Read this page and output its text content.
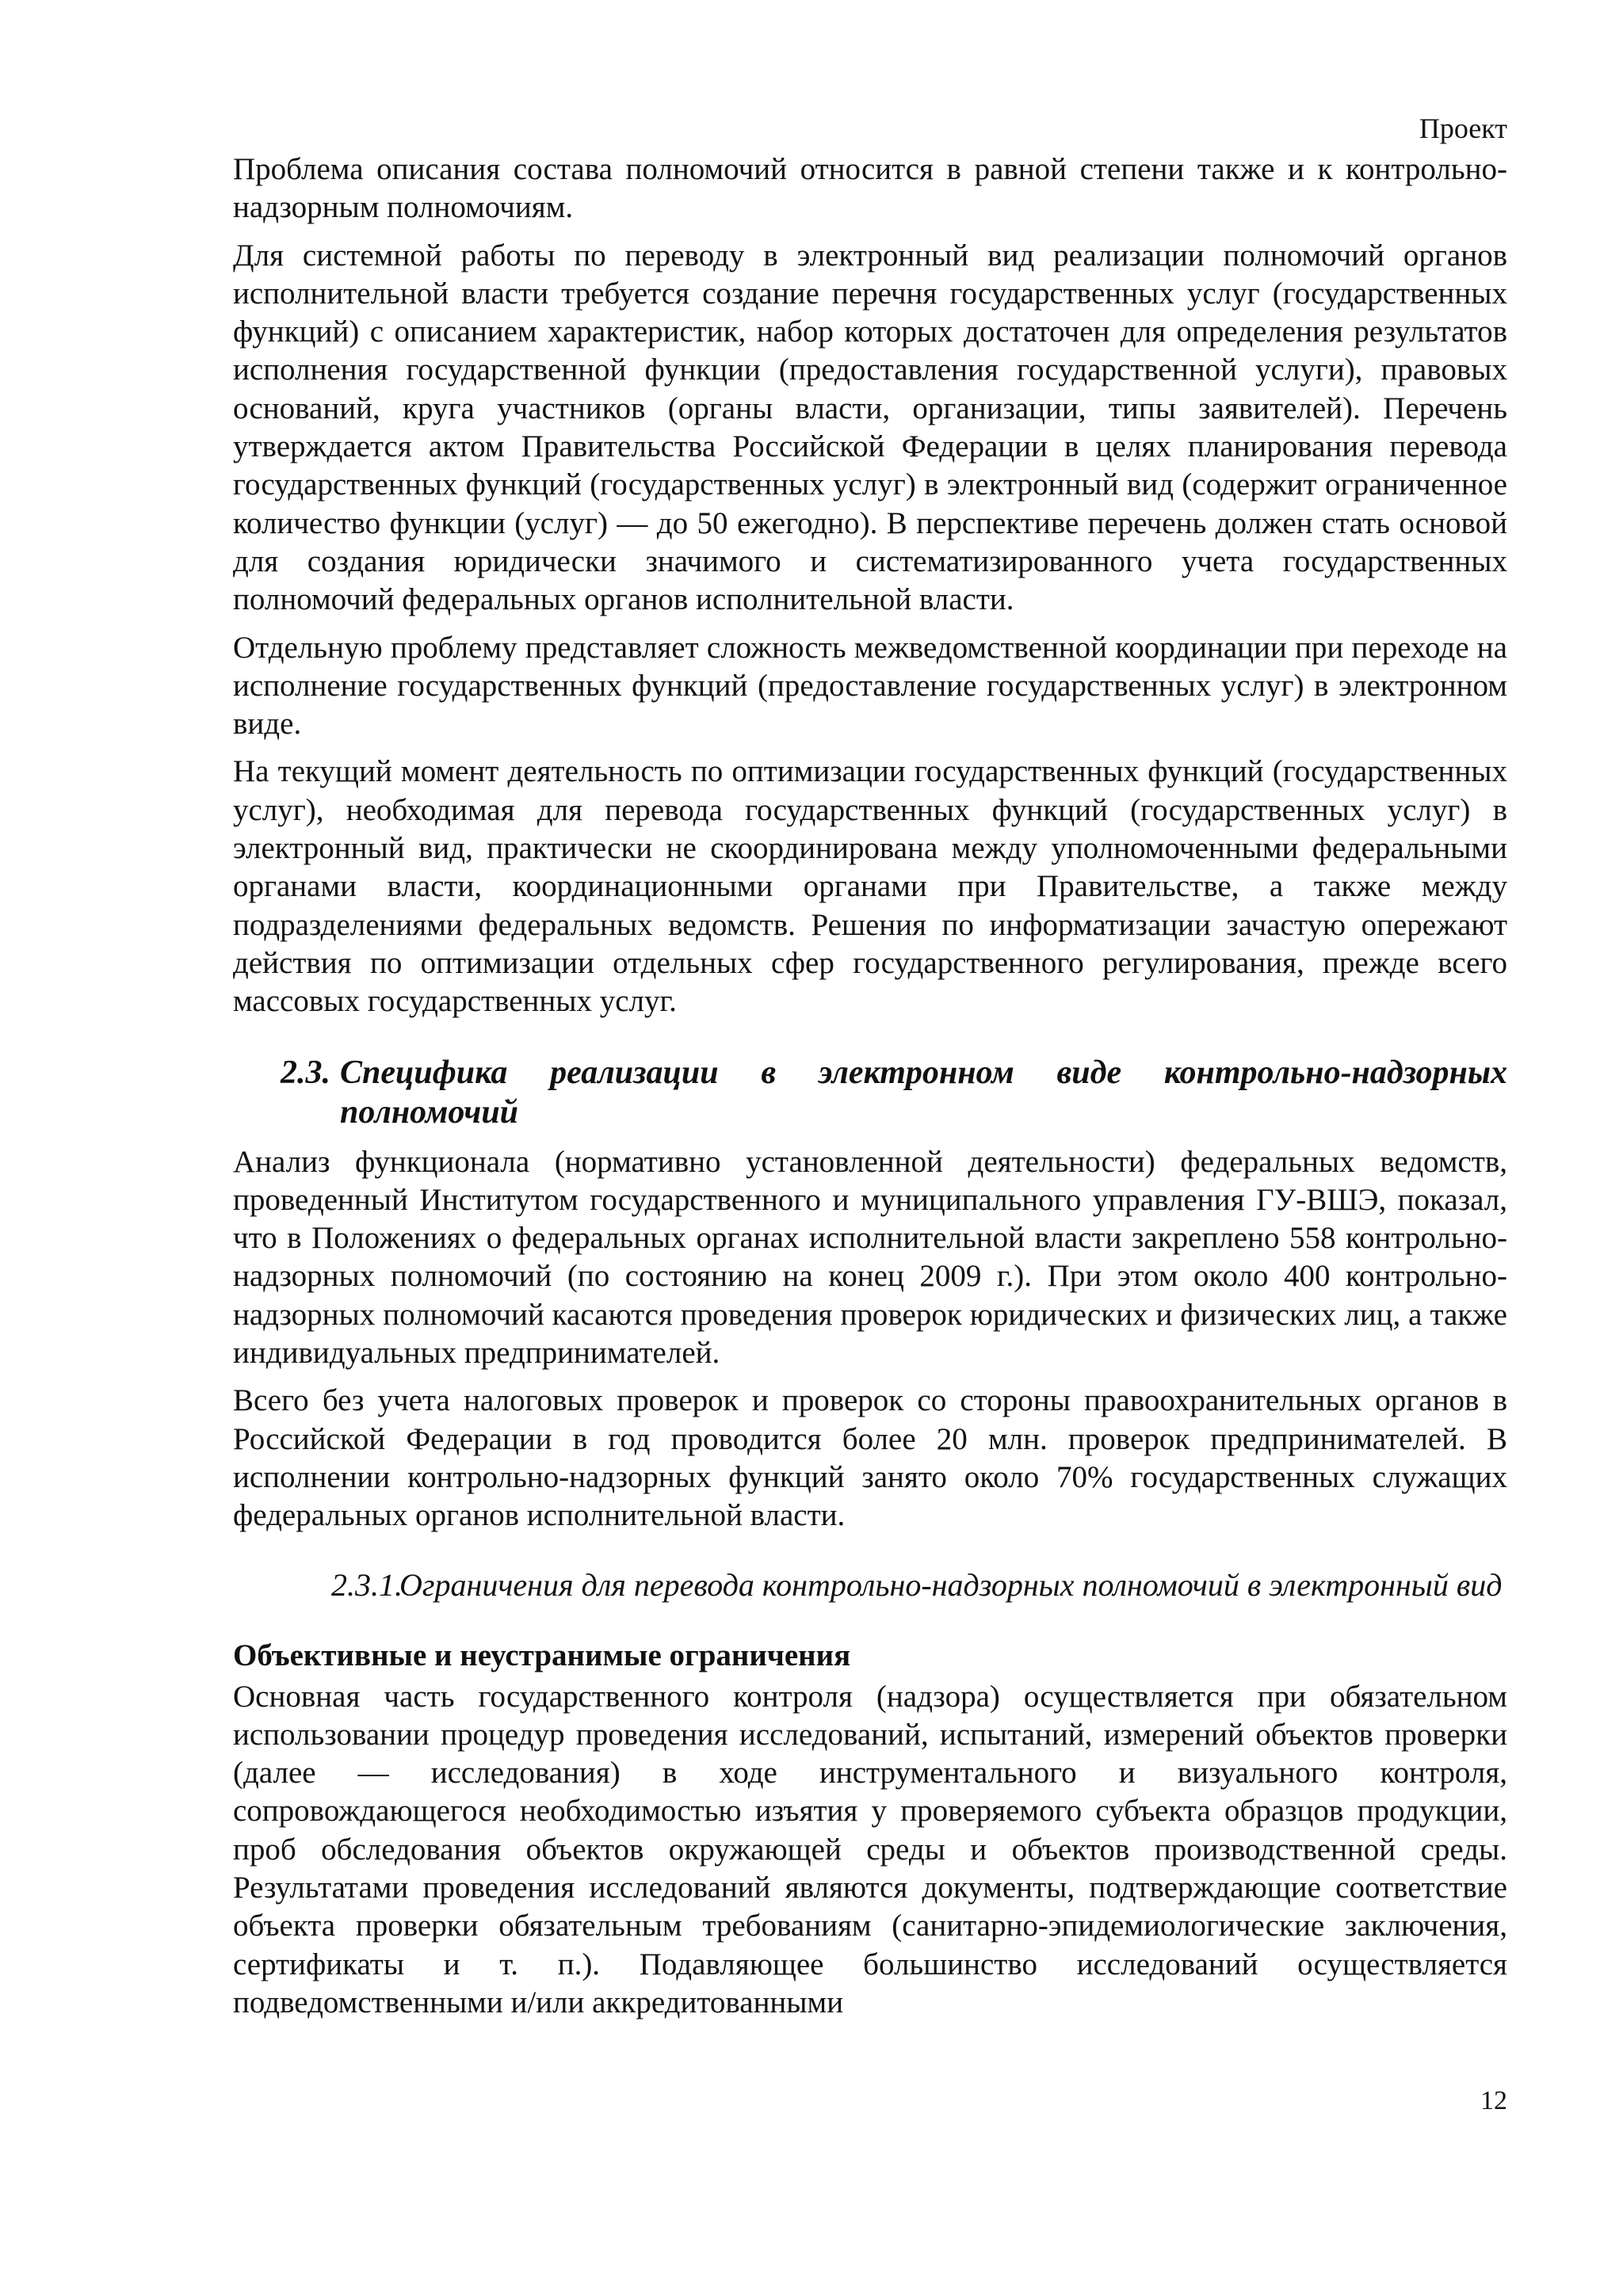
Проект

Проблема описания состава полномочий относится в равной степени также и к контрольно-надзорным полномочиям.

Для системной работы по переводу в электронный вид реализации полномочий органов исполнительной власти требуется создание перечня государственных услуг (государственных функций) с описанием характеристик, набор которых достаточен для определения результатов исполнения государственной функции (предоставления государственной услуги), правовых оснований, круга участников (органы власти, организации, типы заявителей). Перечень утверждается актом Правительства Российской Федерации в целях планирования перевода государственных функций (государственных услуг) в электронный вид (содержит ограниченное количество функции (услуг) — до 50 ежегодно). В перспективе перечень должен стать основой для создания юридически значимого и систематизированного учета государственных полномочий федеральных органов исполнительной власти.

Отдельную проблему представляет сложность межведомственной координации при переходе на исполнение государственных функций (предоставление государственных услуг) в электронном виде.

На текущий момент деятельность по оптимизации государственных функций (государственных услуг), необходимая для перевода государственных функций (государственных услуг) в электронный вид, практически не скоординирована между уполномоченными федеральными органами власти, координационными органами при Правительстве, а также между подразделениями федеральных ведомств. Решения по информатизации зачастую опережают действия по оптимизации отдельных сфер государственного регулирования, прежде всего массовых государственных услуг.

2.3. Специфика реализации в электронном виде контрольно-надзорных полномочий

Анализ функционала (нормативно установленной деятельности) федеральных ведомств, проведенный Институтом государственного и муниципального управления ГУ-ВШЭ, показал, что в Положениях о федеральных органах исполнительной власти закреплено 558 контрольно-надзорных полномочий (по состоянию на конец 2009 г.). При этом около 400 контрольно-надзорных полномочий касаются проведения проверок юридических и физических лиц, а также индивидуальных предпринимателей.

Всего без учета налоговых проверок и проверок со стороны правоохранительных органов в Российской Федерации в год проводится более 20 млн. проверок предпринимателей. В исполнении контрольно-надзорных функций занято около 70% государственных служащих федеральных органов исполнительной власти.

2.3.1.
Ограничения для перевода контрольно-надзорных полномочий в электронный вид
Объективные и неустранимые ограничения

Основная часть государственного контроля (надзора) осуществляется при обязательном использовании процедур проведения исследований, испытаний, измерений объектов проверки (далее — исследования) в ходе инструментального и визуального контроля, сопровождающегося необходимостью изъятия у проверяемого субъекта образцов продукции, проб обследования объектов окружающей среды и объектов производственной среды. Результатами проведения исследований являются документы, подтверждающие соответствие объекта проверки обязательным требованиям (санитарно-эпидемиологические заключения, сертификаты и т. п.). Подавляющее большинство исследований осуществляется подведомственными и/или аккредитованными

12
